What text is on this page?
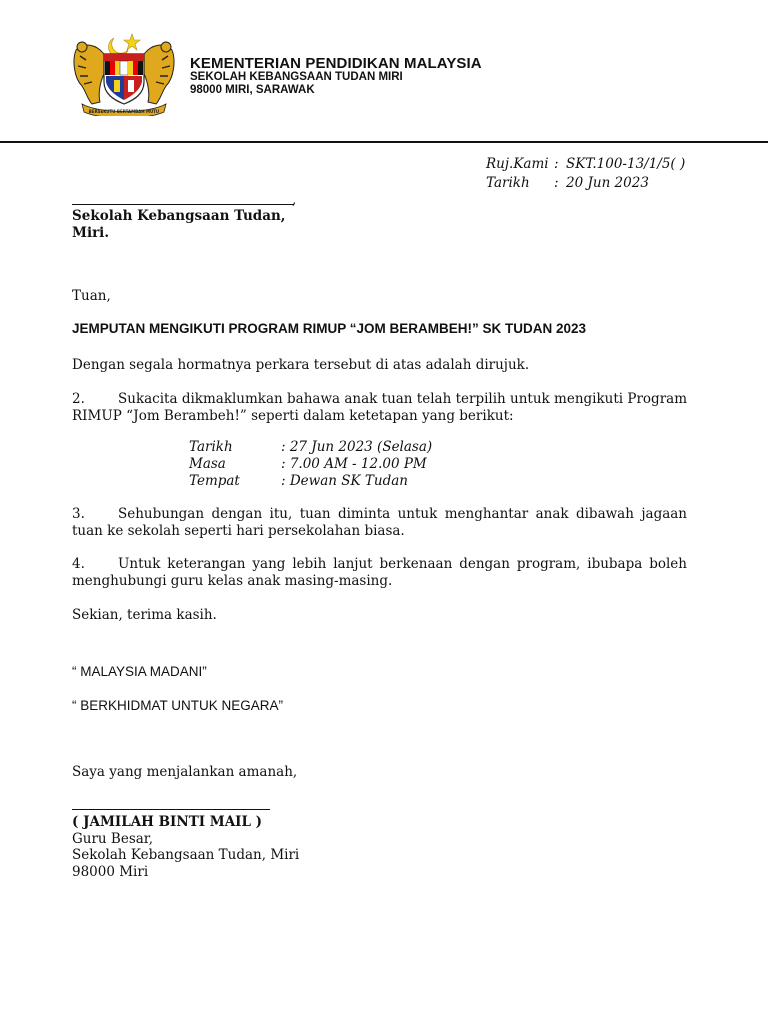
BERSEKUTU BERTAMBAH MUTU
KEMENTERIAN PENDIDIKAN MALAYSIA
SEKOLAH KEBANGSAAN TUDAN MIRI
98000 MIRI, SARAWAK
Ruj.Kami : SKT.100-13/1/5( )
Tarikh : 20 Jun 2023
,
Sekolah Kebangsaan Tudan,
Miri.
Tuan,
JEMPUTAN MENGIKUTI PROGRAM RIMUP “JOM BERAMBEH!” SK TUDAN 2023
Dengan segala hormatnya perkara tersebut di atas adalah dirujuk.
2. Sukacita dikmaklumkan bahawa anak tuan telah terpilih untuk mengikuti Program RIMUP “Jom Berambeh!” seperti dalam ketetapan yang berikut:
Tarikh	: 27 Jun 2023 (Selasa)
Masa	: 7.00 AM - 12.00 PM
Tempat	: Dewan SK Tudan
3. Sehubungan dengan itu, tuan diminta untuk menghantar anak dibawah jagaan tuan ke sekolah seperti hari persekolahan biasa.
4. Untuk keterangan yang lebih lanjut berkenaan dengan program, ibubapa boleh menghubungi guru kelas anak masing-masing.
Sekian, terima kasih.
“ MALAYSIA MADANI”
“ BERKHIDMAT UNTUK NEGARA”
Saya yang menjalankan amanah,
( JAMILAH BINTI MAIL )
Guru Besar,
Sekolah Kebangsaan Tudan, Miri
98000 Miri
